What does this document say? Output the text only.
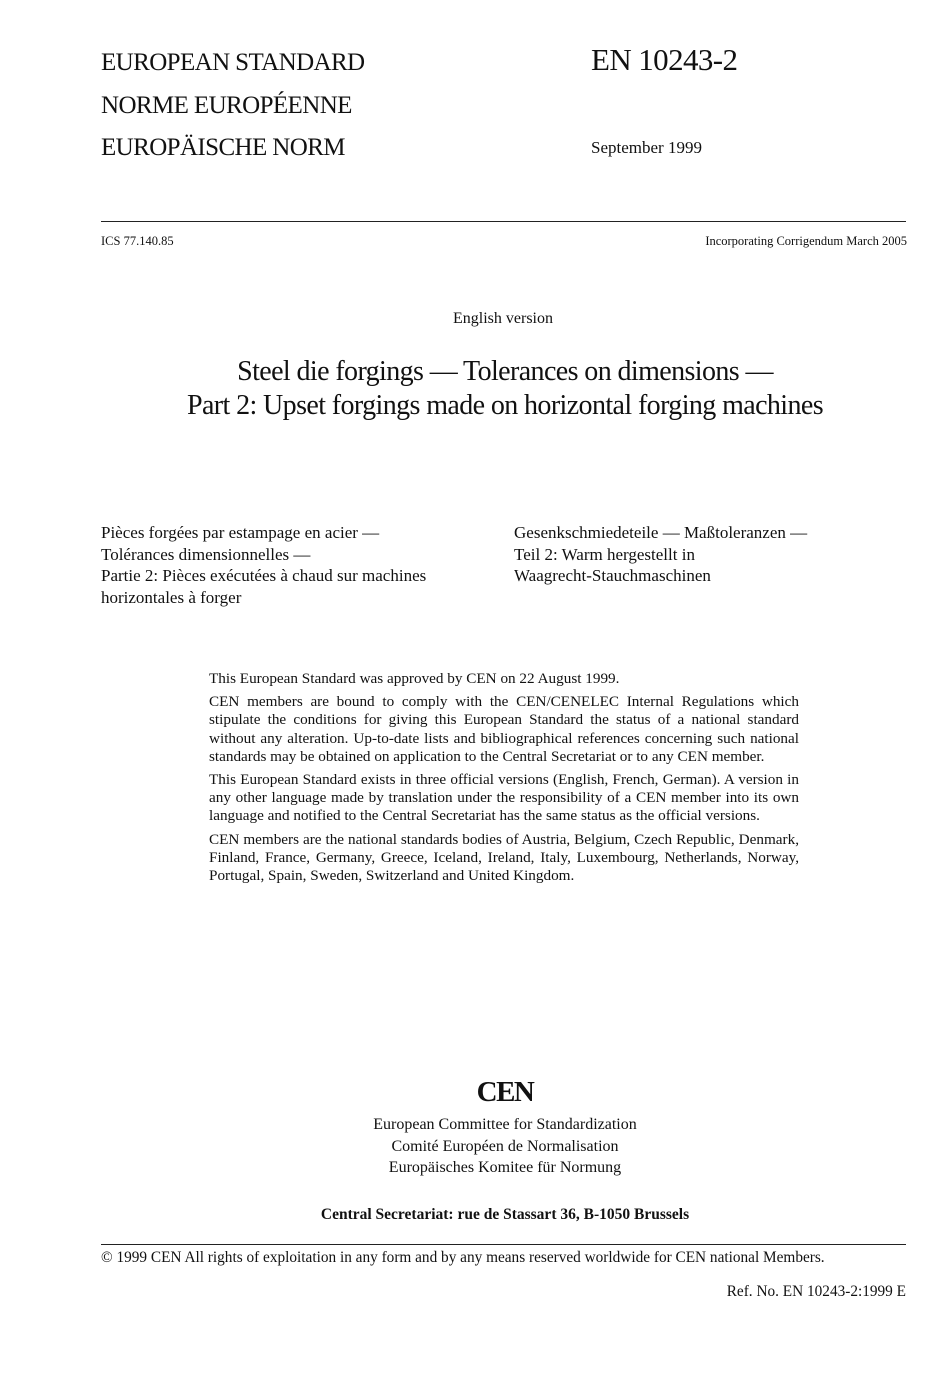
EUROPEAN STANDARD
NORME EUROPÉENNE
EUROPÄISCHE NORM
EN 10243-2
September 1999
ICS 77.140.85	Incorporating Corrigendum March 2005
English version
Steel die forgings — Tolerances on dimensions —
Part 2: Upset forgings made on horizontal forging machines
Pièces forgées par estampage en acier —
Tolérances dimensionnelles —
Partie 2: Pièces exécutées à chaud sur machines
horizontales à forger
Gesenkschmiedeteile — Maßtoleranzen —
Teil 2: Warm hergestellt in
Waagrecht-Stauchmaschinen

This European Standard was approved by CEN on 22 August 1999.

CEN members are bound to comply with the CEN/CENELEC Internal Regulations which stipulate the conditions for giving this European Standard the status of a national standard without any alteration. Up-to-date lists and bibliographical references concerning such national standards may be obtained on application to the Central Secretariat or to any CEN member.

This European Standard exists in three official versions (English, French, German). A version in any other language made by translation under the responsibility of a CEN member into its own language and notified to the Central Secretariat has the same status as the official versions.

CEN members are the national standards bodies of Austria, Belgium, Czech Republic, Denmark, Finland, France, Germany, Greece, Iceland, Ireland, Italy, Luxembourg, Netherlands, Norway, Portugal, Spain, Sweden, Switzerland and United Kingdom.

CEN
European Committee for Standardization
Comité Européen de Normalisation
Europäisches Komitee für Normung
Central Secretariat: rue de Stassart 36, B-1050 Brussels
© 1999 CEN All rights of exploitation in any form and by any means reserved worldwide for CEN national Members.
Ref. No. EN 10243-2:1999 E
